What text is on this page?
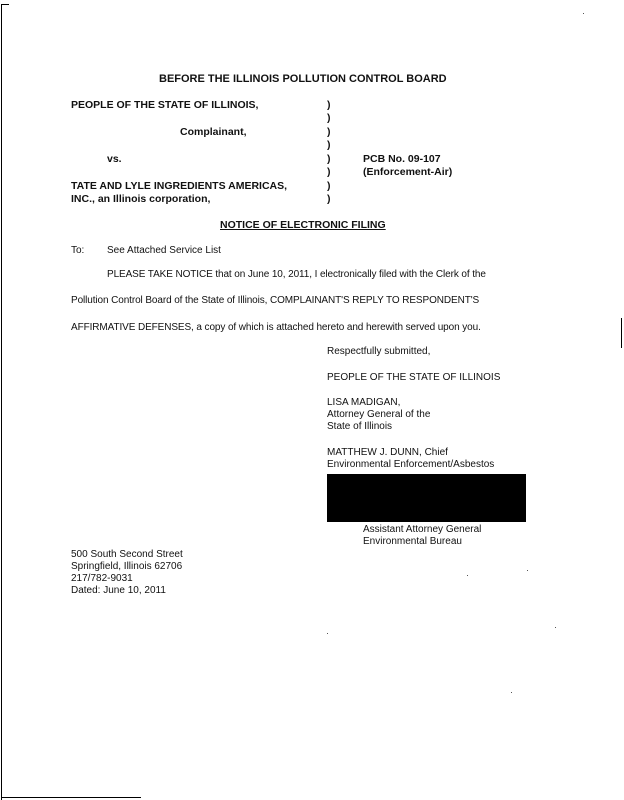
BEFORE THE ILLINOIS POLLUTION CONTROL BOARD
PEOPLE OF THE STATE OF ILLINOIS,
Complainant,
vs.
TATE AND LYLE INGREDIENTS AMERICAS,
INC., an Illinois corporation,
)
)
)
)
)
)
)
)
PCB No. 09-107
(Enforcement-Air)
NOTICE OF ELECTRONIC FILING
To: See Attached Service List
PLEASE TAKE NOTICE that on June 10, 2011, I electronically filed with the Clerk of the
Pollution Control Board of the State of Illinois, COMPLAINANT'S REPLY TO RESPONDENT'S
AFFIRMATIVE DEFENSES, a copy of which is attached hereto and herewith served upon you.
Respectfully submitted,
PEOPLE OF THE STATE OF ILLINOIS
LISA MADIGAN,
Attorney General of the
State of Illinois
MATTHEW J. DUNN, Chief
Environmental Enforcement/Asbestos
Assistant Attorney General
Environmental Bureau
500 South Second Street
Springfield, Illinois 62706
217/782-9031
Dated: June 10, 2011
